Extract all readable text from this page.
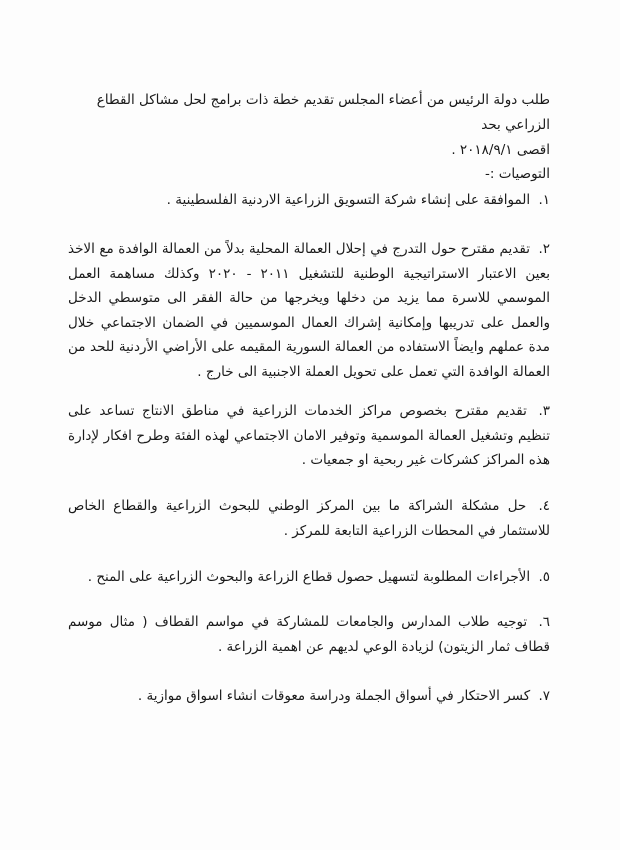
طلب دولة الرئيس من أعضاء المجلس تقديم خطة ذات برامج لحل مشاكل القطاع الزراعي بحد
اقصى ٢٠١٨/٩/١ .
التوصيات :-
١. الموافقة على إنشاء شركة التسويق الزراعية الاردنية الفلسطينية .
٢. تقديم مقترح حول التدرج في إحلال العمالة المحلية بدلاً من العمالة الوافدة مع الاخذ بعين الاعتبار الاستراتيجية الوطنية للتشغيل ٢٠١١ - ٢٠٢٠ وكذلك مساهمة العمل الموسمي للاسرة مما يزيد من دخلها ويخرجها من حالة الفقر الى متوسطي الدخل والعمل على تدريبها وإمكانية إشراك العمال الموسميين في الضمان الاجتماعي خلال مدة عملهم وايضاً الاستفاده من العمالة السورية المقيمه على الأراضي الأردنية للحد من العمالة الوافدة التي تعمل على تحويل العملة الاجنبية الى خارج .
٣. تقديم مقترح بخصوص مراكز الخدمات الزراعية في مناطق الانتاج تساعد على تنظيم وتشغيل العمالة الموسمية وتوفير الامان الاجتماعي لهذه الفئة وطرح افكار لإدارة هذه المراكز كشركات غير ربحية او جمعيات .
٤. حل مشكلة الشراكة ما بين المركز الوطني للبحوث الزراعية والقطاع الخاص للاستثمار في المحطات الزراعية التابعة للمركز .
٥. الأجراءات المطلوبة لتسهيل حصول قطاع الزراعة والبحوث الزراعية على المنح .
٦. توجيه طلاب المدارس والجامعات للمشاركة في مواسم القطاف ( مثال موسم قطاف ثمار الزيتون) لزيادة الوعي لديهم عن اهمية الزراعة .
٧. كسر الاحتكار في أسواق الجملة ودراسة معوقات انشاء اسواق موازية .
